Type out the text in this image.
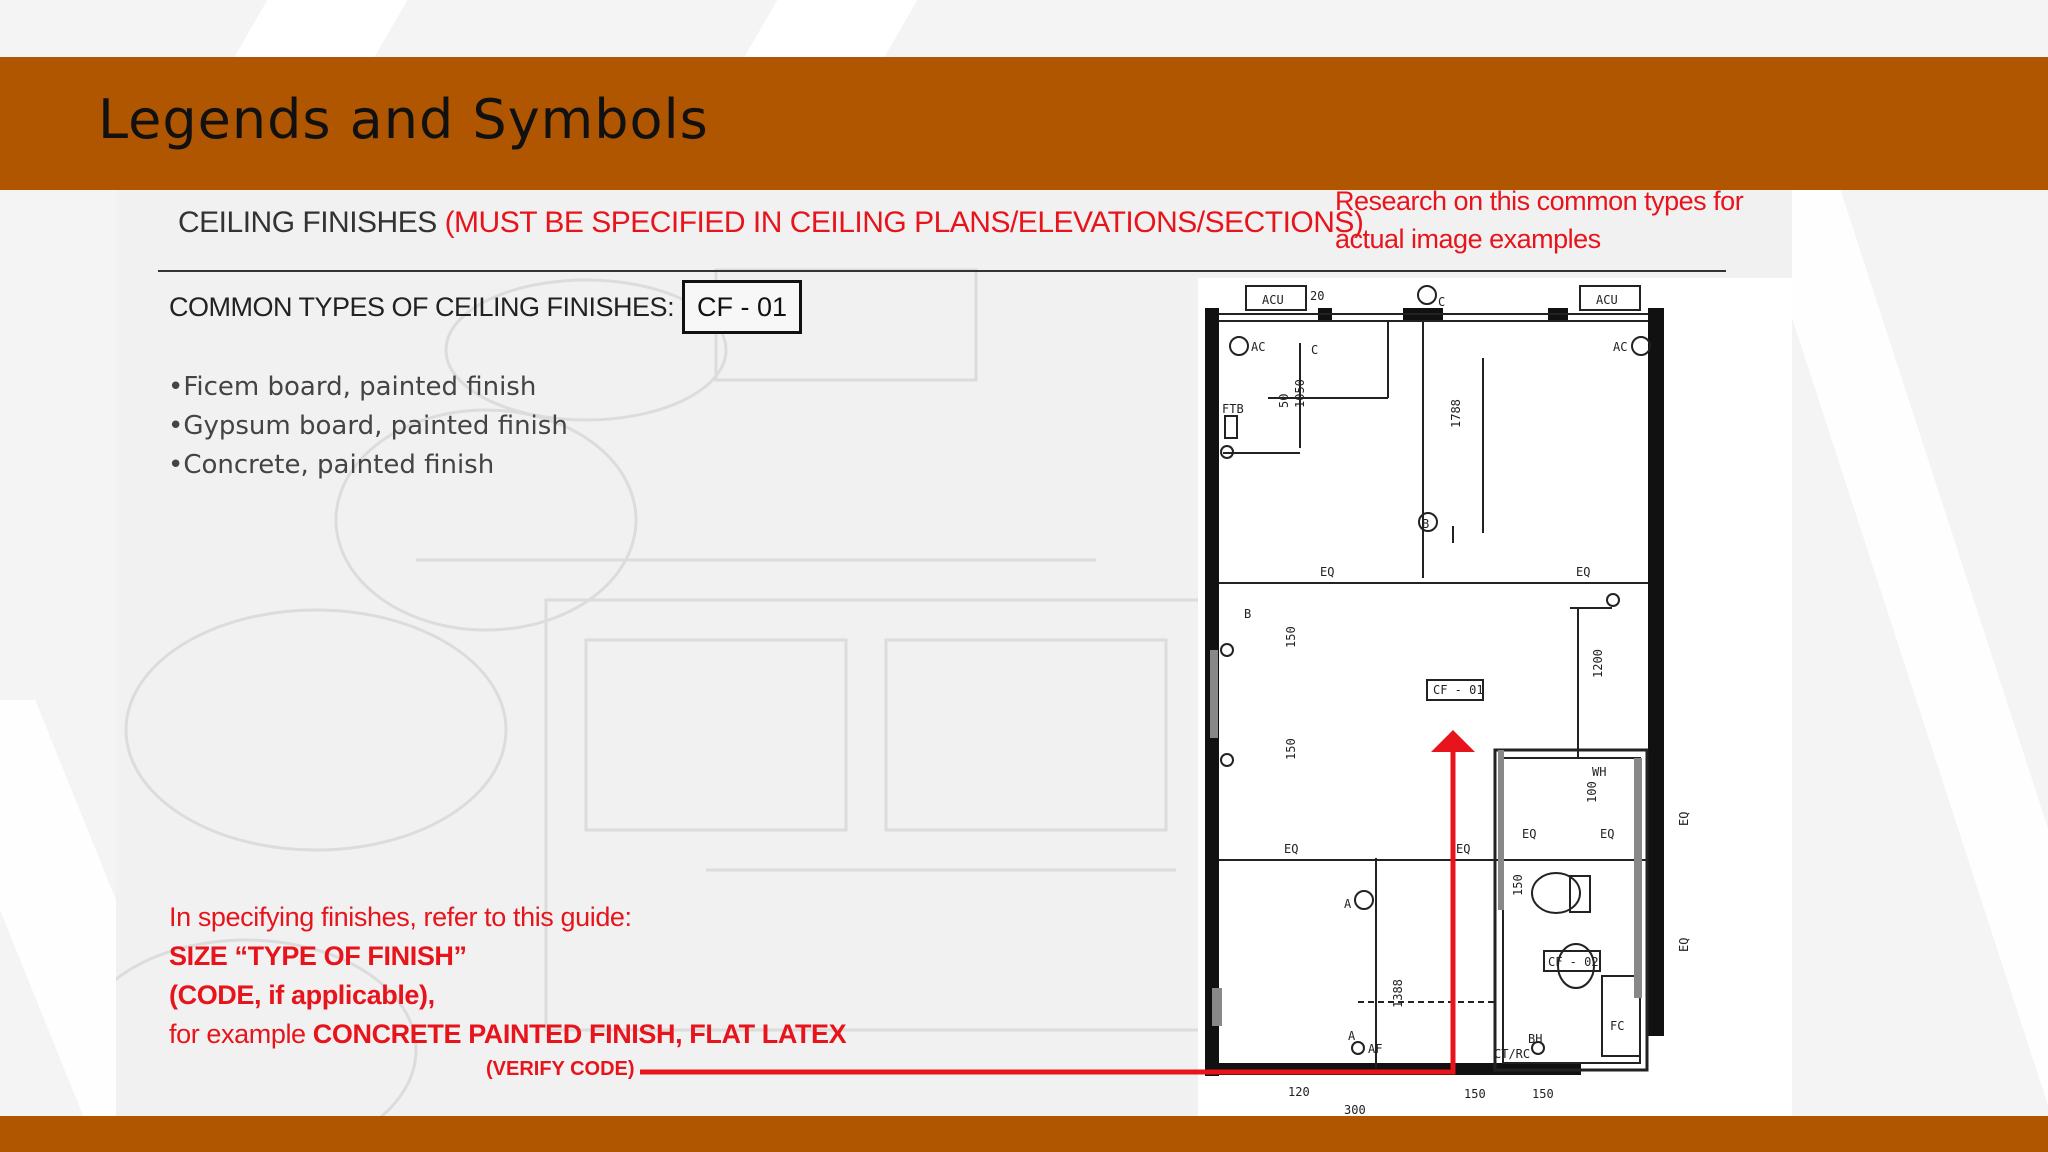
Legends and Symbols
CEILING FINISHES (MUST BE SPECIFIED IN CEILING PLANS/ELEVATIONS/SECTIONS)
Research on this common types for actual image examples
COMMON TYPES OF CEILING FINISHES: CF - 01
•Ficem board, painted finish
•Gypsum board, painted finish
•Concrete, painted finish
In specifying finishes, refer to this guide:
SIZE “TYPE OF FINISH”
(CODE, if applicable),
for example CONCRETE PAINTED FINISH, FLAT LATEX
(VERIFY CODE)
ACU	ACU
20
AC	AC
C
C
FTB
B
EQ	EQ
B
CF - 01
WH
EQ	EQ
EQ	EQ
A
CF - 02
BH
CT/RC
A
AF
FC
120
300
150	150
50 1050
1788
150
1200
150
100
EQ
EQ
150
1388
